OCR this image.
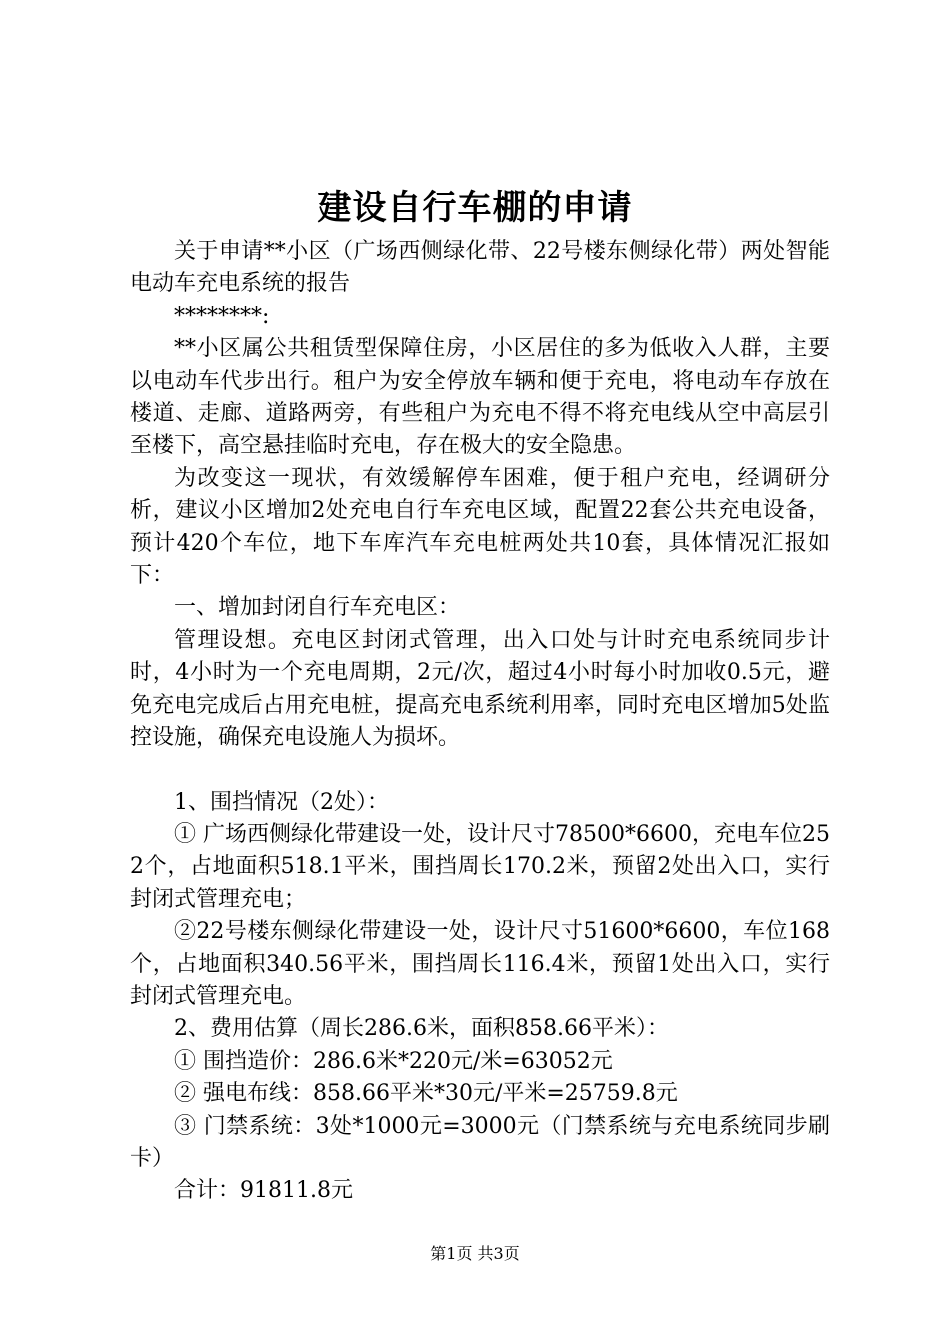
建设自行车棚的申请

关于申请**小区（广场西侧绿化带、22号楼东侧绿化带）两处智能电动车充电系统的报告

********:

**小区属公共租赁型保障住房，小区居住的多为低收入人群，主要以电动车代步出行。租户为安全停放车辆和便于充电，将电动车存放在楼道、走廊、道路两旁，有些租户为充电不得不将充电线从空中高层引至楼下，高空悬挂临时充电，存在极大的安全隐患。

为改变这一现状，有效缓解停车困难，便于租户充电，经调研分析，建议小区增加2处充电自行车充电区域，配置22套公共充电设备，预计420个车位，地下车库汽车充电桩两处共10套，具体情况汇报如下：

一、增加封闭自行车充电区：

管理设想。充电区封闭式管理，出入口处与计时充电系统同步计时，4小时为一个充电周期，2元/次，超过4小时每小时加收0.5元，避免充电完成后占用充电桩，提高充电系统利用率，同时充电区增加5处监控设施，确保充电设施人为损坏。

1、围挡情况（2处）：

① 广场西侧绿化带建设一处，设计尺寸78500*6600，充电车位252个，占地面积518.1平米，围挡周长170.2米，预留2处出入口，实行封闭式管理充电；

②22号楼东侧绿化带建设一处，设计尺寸51600*6600，车位168个，占地面积340.56平米，围挡周长116.4米，预留1处出入口，实行封闭式管理充电。

2、费用估算（周长286.6米，面积858.66平米）：

① 围挡造价：286.6米*220元/米=63052元

② 强电布线：858.66平米*30元/平米=25759.8元

③ 门禁系统：3处*1000元=3000元（门禁系统与充电系统同步刷卡）

合计：91811.8元

第1页 共3页
